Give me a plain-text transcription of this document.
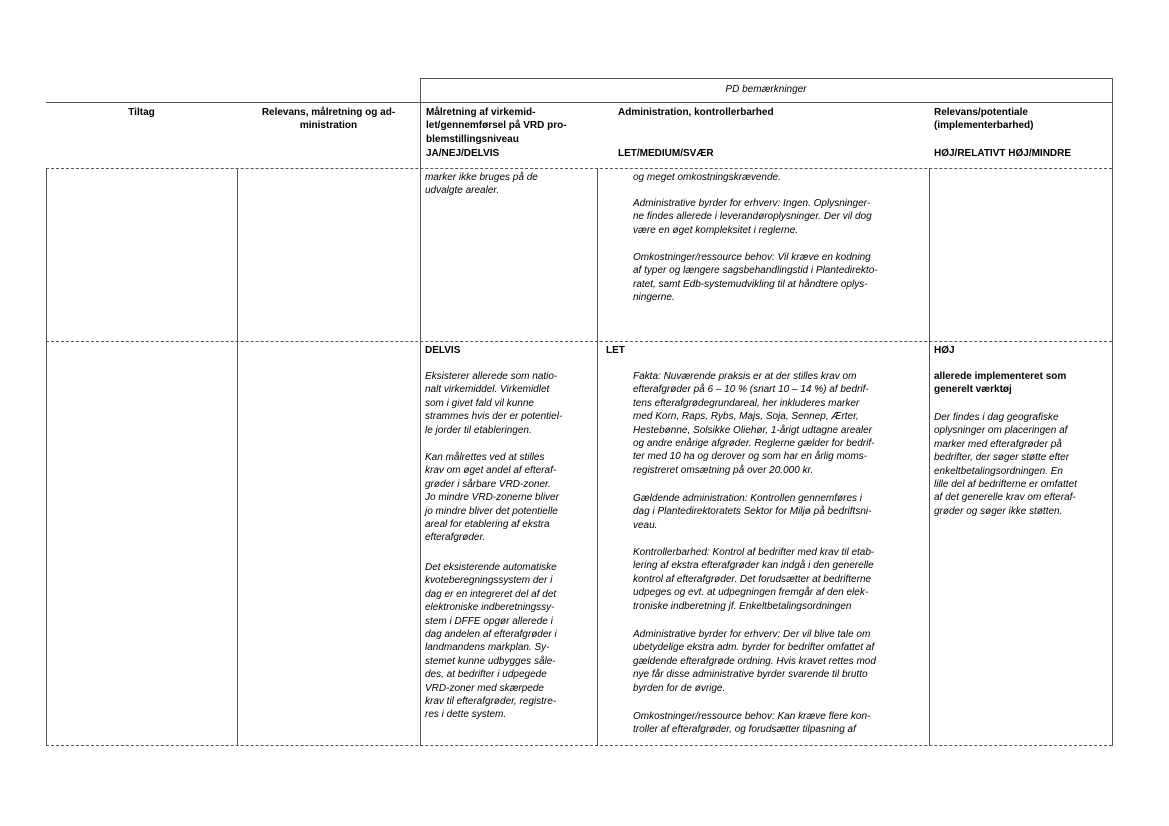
PD bemærkninger
Tiltag	Relevans, målretning og ad-
ministration
Målretning af virkemid-
let/gennemførsel på VRD pro-
blemstillingsniveau
JA/NEJ/DELVIS
Administration, kontrollerbarhed
LET/MEDIUM/SVÆR
Relevans/potentiale
(implementerbarhed)
HØJ/RELATIVT HØJ/MINDRE
marker ikke bruges på de
udvalgte arealer.
og meget omkostningskrævende.
Administrative byrder for erhverv: Ingen. Oplysninger-
ne findes allerede i leverandøroplysninger. Der vil dog
være en øget kompleksitet i reglerne.
Omkostninger/ressource behov: Vil kræve en kodning
af typer og længere sagsbehandlingstid i Plantedirekto-
ratet, samt Edb-systemudvikling til at håndtere oplys-
ningerne.
DELVIS
Eksisterer allerede som natio-
nalt virkemiddel. Virkemidlet
som i givet fald vil kunne
strammes hvis der er potentiel-
le jorder til etableringen.
Kan målrettes ved at stilles
krav om øget andel af efteraf-
grøder i sårbare VRD-zoner.
Jo mindre VRD-zonerne bliver
jo mindre bliver det potentielle
areal for etablering af ekstra
efterafgrøder.
Det eksisterende automatiske
kvoteberegningssystem der i
dag er en integreret del af det
elektroniske indberetningssy-
stem i DFFE opgør allerede i
dag andelen af efterafgrøder i
landmandens markplan. Sy-
stemet kunne udbygges såle-
des, at bedrifter i udpegede
VRD-zoner med skærpede
krav til efterafgrøder, registre-
res i dette system.
LET
Fakta: Nuværende praksis er at der stilles krav om
efterafgrøder på 6 – 10 % (snart 10 – 14 %) af bedrif-
tens efterafgrødegrundareal, her inkluderes marker
med Korn, Raps, Rybs, Majs, Soja, Sennep, Ærter,
Hestebønne, Solsikke Oliehør, 1-årigt udtagne arealer
og andre enårige afgrøder. Reglerne gælder for bedrif-
ter med 10 ha og derover og som har en årlig moms-
registreret omsætning på over 20.000 kr.
Gældende administration: Kontrollen gennemføres i
dag i Plantedirektoratets Sektor for Miljø på bedriftsni-
veau.
Kontrollerbarhed: Kontrol af bedrifter med krav til etab-
lering af ekstra efterafgrøder kan indgå i den generelle
kontrol af efterafgrøder. Det forudsætter at bedrifterne
udpeges og evt. at udpegningen fremgår af den elek-
troniske indberetning jf. Enkeltbetalingsordningen
Administrative byrder for erhverv: Der vil blive tale om
ubetydelige ekstra adm. byrder for bedrifter omfattet af
gældende efterafgrøde ordning. Hvis kravet rettes mod
nye får disse administrative byrder svarende til brutto
byrden for de øvrige.
Omkostninger/ressource behov: Kan kræve flere kon-
troller af efterafgrøder, og forudsætter tilpasning af
HØJ
allerede implementeret som
generelt værktøj
Der findes i dag geografiske
oplysninger om placeringen af
marker med efterafgrøder på
bedrifter, der søger støtte efter
enkeltbetalingsordningen. En
lille del af bedrifterne er omfattet
af det generelle krav om efteraf-
grøder og søger ikke støtten.
